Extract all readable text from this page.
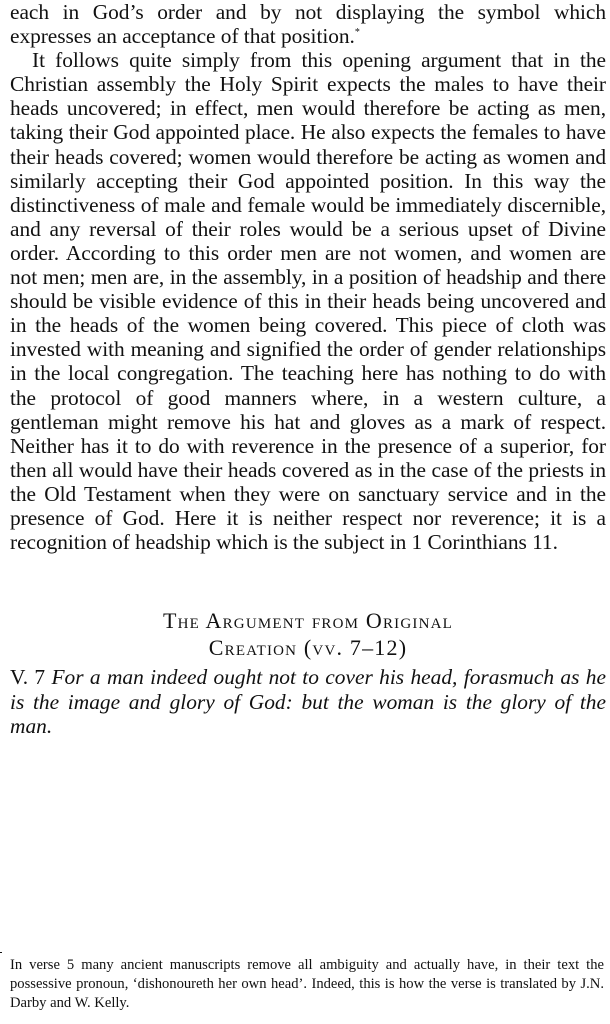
each in God’s order and by not displaying the symbol which expresses an acceptance of that position.*

It follows quite simply from this opening argument that in the Christian assembly the Holy Spirit expects the males to have their heads uncovered; in effect, men would therefore be acting as men, taking their God appointed place. He also expects the females to have their heads covered; women would therefore be acting as women and similarly accepting their God appointed position. In this way the distinctiveness of male and female would be immediately discernible, and any reversal of their roles would be a serious upset of Divine order. According to this order men are not women, and women are not men; men are, in the assembly, in a position of headship and there should be visible evidence of this in their heads being uncovered and in the heads of the women being covered. This piece of cloth was invested with meaning and signified the order of gender relationships in the local congregation. The teaching here has nothing to do with the protocol of good manners where, in a western culture, a gentleman might remove his hat and gloves as a mark of respect. Neither has it to do with reverence in the presence of a superior, for then all would have their heads covered as in the case of the priests in the Old Testament when they were on sanctuary service and in the presence of God. Here it is neither respect nor reverence; it is a recognition of headship which is the subject in 1 Corinthians 11.

The Argument from Original
Creation (vv. 7–12)

V. 7 For a man indeed ought not to cover his head, forasmuch as he is the image and glory of God: but the woman is the glory of the man.

In verse 5 many ancient manuscripts remove all ambiguity and actually have, in their text the possessive pronoun, ‘dishonoureth her own head’. Indeed, this is how the verse is translated by J.N. Darby and W. Kelly.
